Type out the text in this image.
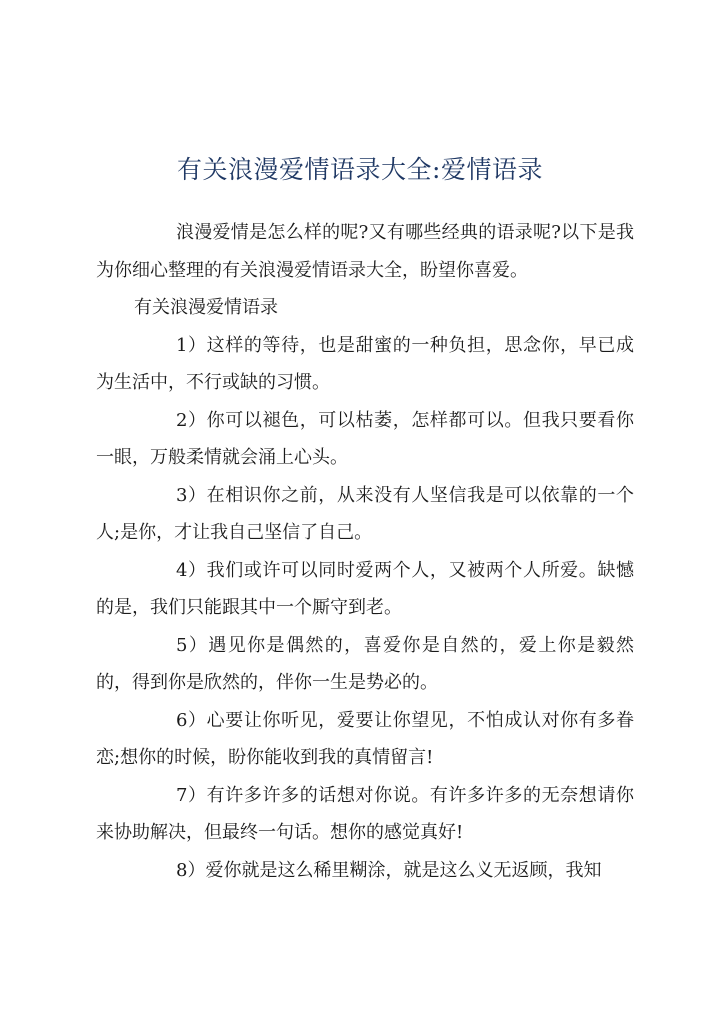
有关浪漫爱情语录大全:爱情语录

浪漫爱情是怎么样的呢?又有哪些经典的语录呢?以下是我为你细心整理的有关浪漫爱情语录大全，盼望你喜爱。

有关浪漫爱情语录

1）这样的等待，也是甜蜜的一种负担，思念你，早已成为生活中，不行或缺的习惯。

2）你可以褪色，可以枯萎，怎样都可以。但我只要看你一眼，万般柔情就会涌上心头。

3）在相识你之前，从来没有人坚信我是可以依靠的一个人;是你，才让我自己坚信了自己。

4）我们或许可以同时爱两个人，又被两个人所爱。缺憾的是，我们只能跟其中一个厮守到老。

5）遇见你是偶然的，喜爱你是自然的，爱上你是毅然的，得到你是欣然的，伴你一生是势必的。

6）心要让你听见，爱要让你望见，不怕成认对你有多眷恋;想你的时候，盼你能收到我的真情留言!

7）有许多许多的话想对你说。有许多许多的无奈想请你来协助解决，但最终一句话。想你的感觉真好!

8）爱你就是这么稀里糊涂，就是这么义无返顾，我知
